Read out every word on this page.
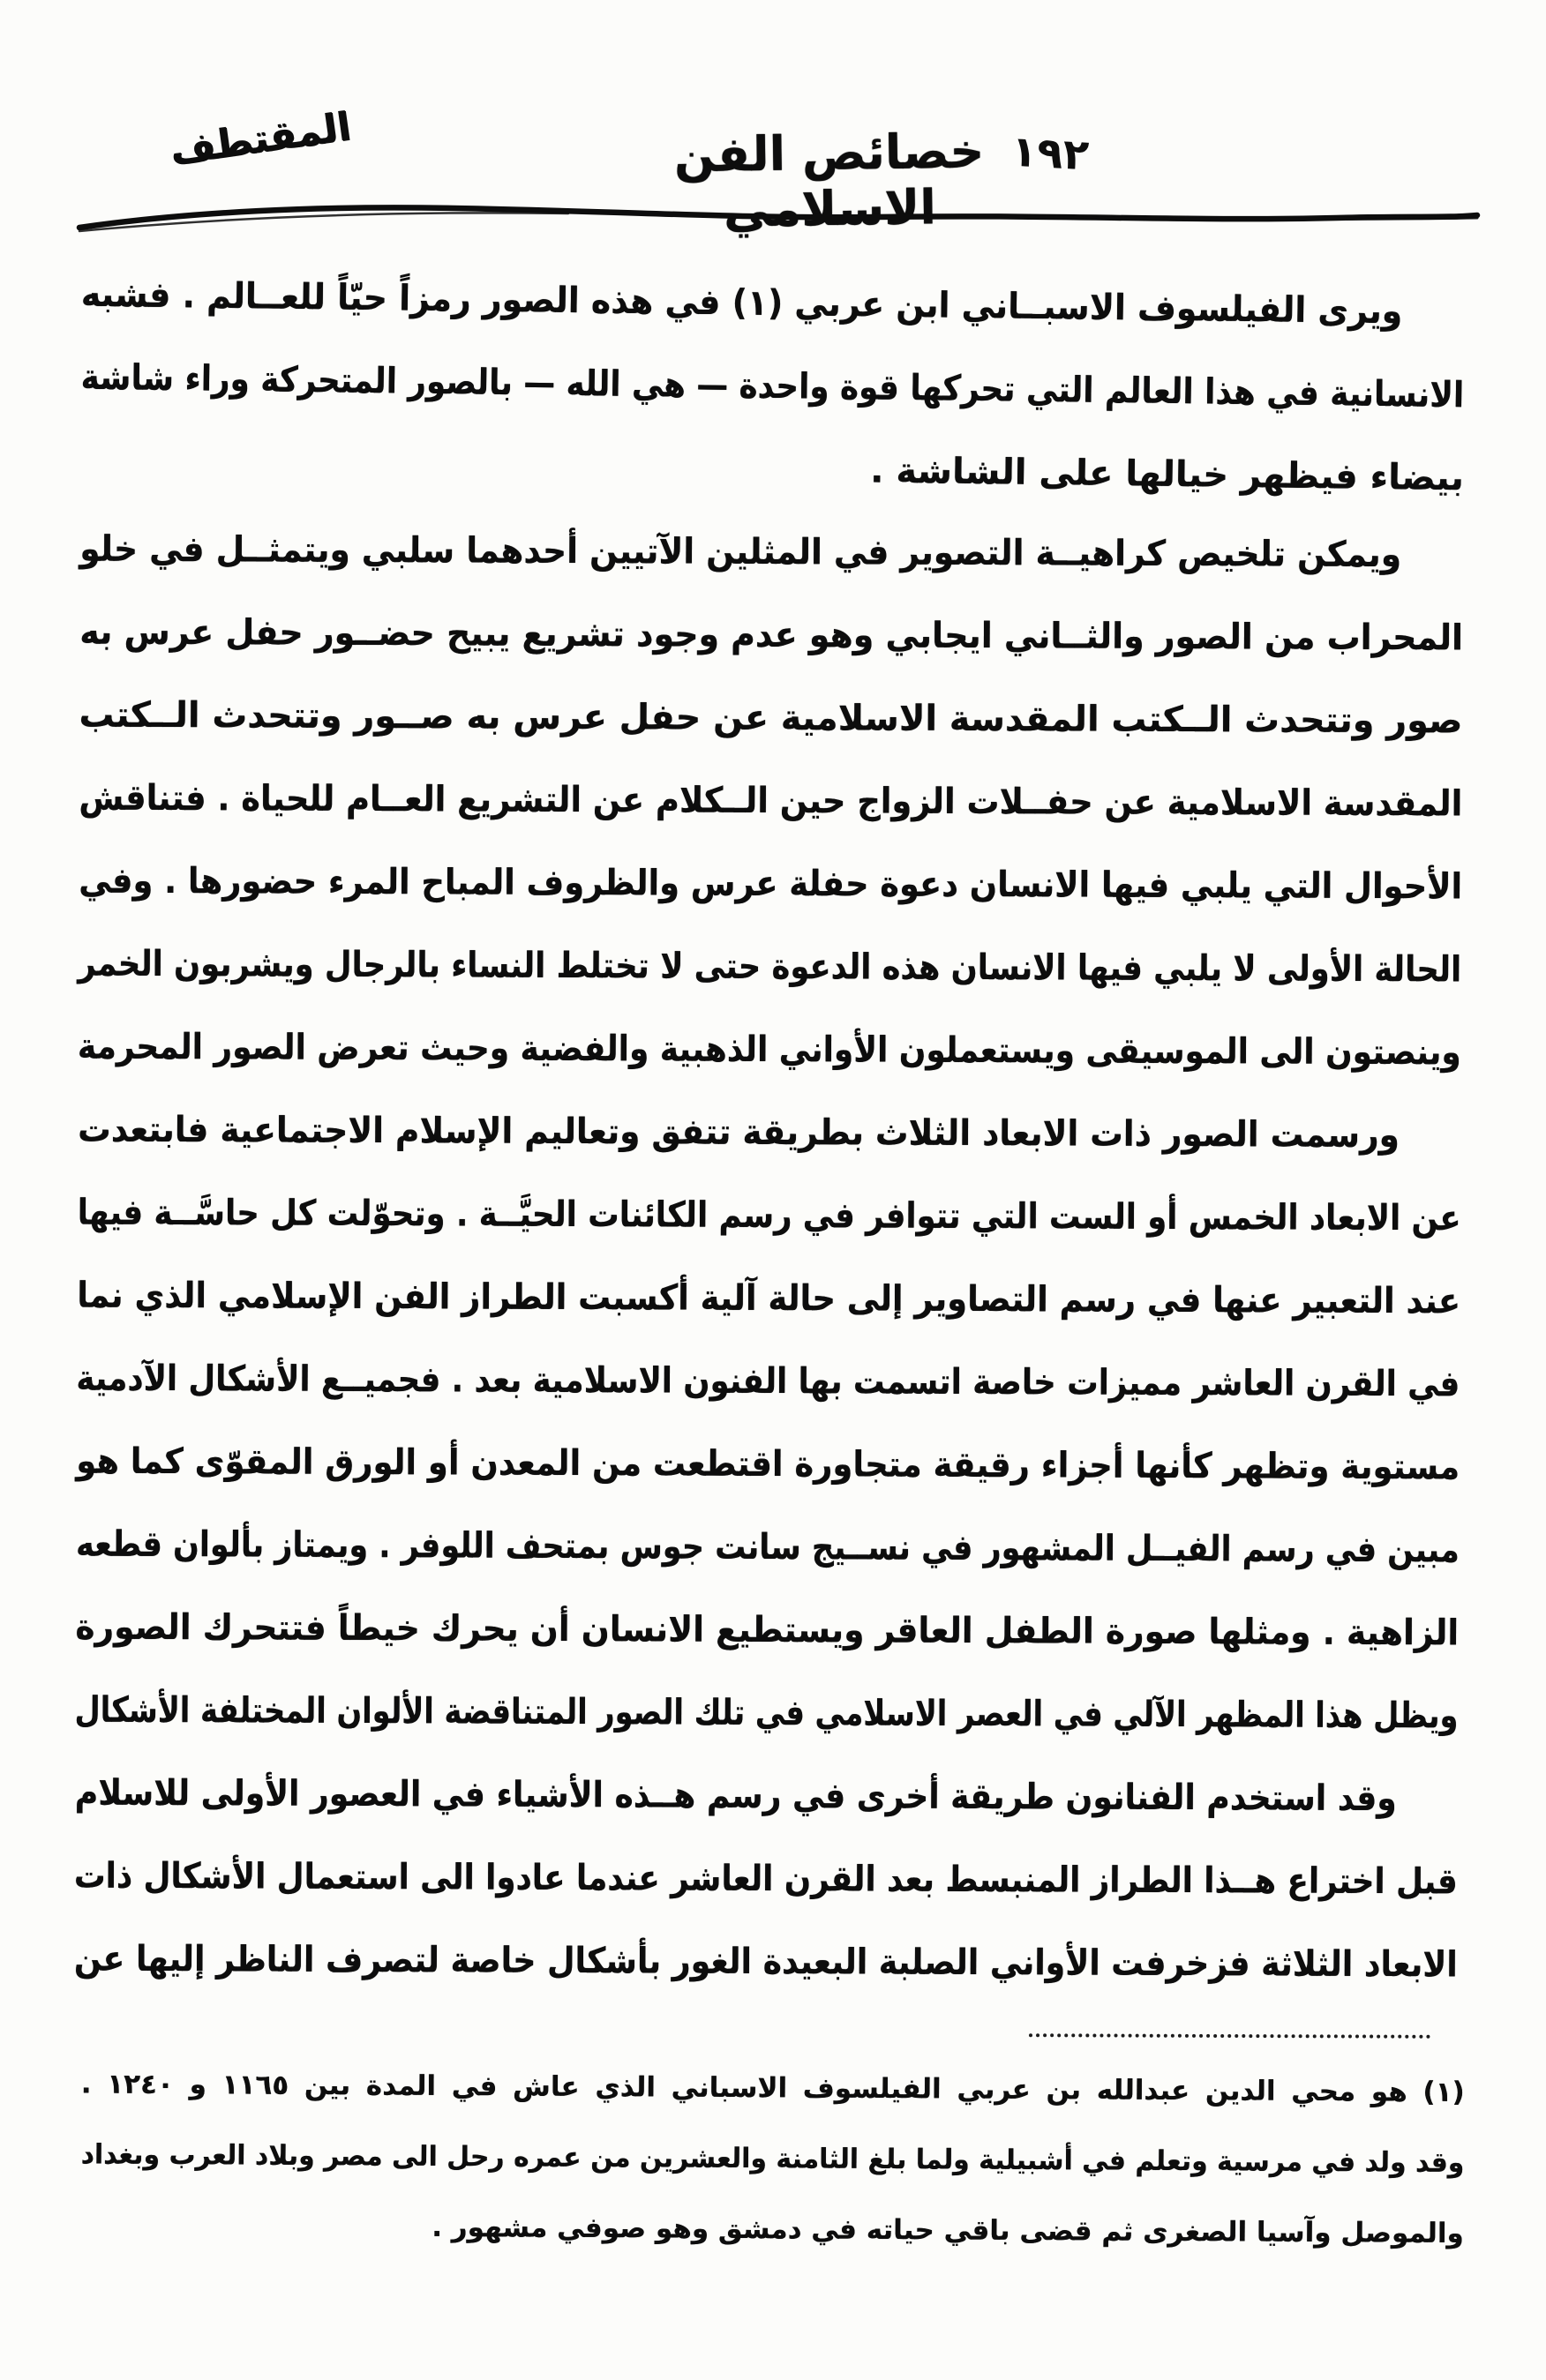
المقتطف	خصائص الفن الاسلامي
١٩٢
ويرى الفيلسوف الاسبــاني ابن عربي (١) في هذه الصور رمزاً حيّاً للعــالم . فشبه
الانسانية في هذا العالم التي تحركها قوة واحدة — هي الله — بالصور المتحركة وراء شاشة
بيضاء فيظهر خيالها على الشاشة .
ويمكن تلخيص كراهيــة التصوير في المثلين الآتيين أحدهما سلبي ويتمثــل في خلو
المحراب من الصور والثــاني ايجابي وهو عدم وجود تشريع يبيح حضــور حفل عرس به
صور وتتحدث الــكتب المقدسة الاسلامية عن حفل عرس به صــور وتتحدث الــكتب
المقدسة الاسلامية عن حفــلات الزواج حين الــكلام عن التشريع العــام للحياة . فتناقش
الأحوال التي يلبي فيها الانسان دعوة حفلة عرس والظروف المباح المرء حضورها . وفي
الحالة الأولى لا يلبي فيها الانسان هذه الدعوة حتى لا تختلط النساء بالرجال ويشربون الخمر
وينصتون الى الموسيقى ويستعملون الأواني الذهبية والفضية وحيث تعرض الصور المحرمة
ورسمت الصور ذات الابعاد الثلاث بطريقة تتفق وتعاليم الإسلام الاجتماعية فابتعدت
عن الابعاد الخمس أو الست التي تتوافر في رسم الكائنات الحيَّــة . وتحوّلت كل حاسَّــة فيها
عند التعبير عنها في رسم التصاوير إلى حالة آلية أكسبت الطراز الفن الإسلامي الذي نما
في القرن العاشر مميزات خاصة اتسمت بها الفنون الاسلامية بعد . فجميــع الأشكال الآدمية
مستوية وتظهر كأنها أجزاء رقيقة متجاورة اقتطعت من المعدن أو الورق المقوّى كما هو
مبين في رسم الفيــل المشهور في نســيج سانت جوس بمتحف اللوفر . ويمتاز بألوان قطعه
الزاهية . ومثلها صورة الطفل العاقر ويستطيع الانسان أن يحرك خيطاً فتتحرك الصورة
ويظل هذا المظهر الآلي في العصر الاسلامي في تلك الصور المتناقضة الألوان المختلفة الأشكال
وقد استخدم الفنانون طريقة أخرى في رسم هــذه الأشياء في العصور الأولى للاسلام
قبل اختراع هــذا الطراز المنبسط بعد القرن العاشر عندما عادوا الى استعمال الأشكال ذات
الابعاد الثلاثة فزخرفت الأواني الصلبة البعيدة الغور بأشكال خاصة لتصرف الناظر إليها عن
(١) هو محي الدين عبدالله بن عربي الفيلسوف الاسباني الذي عاش في المدة بين ١١٦٥ و ١٢٤٠ .
وقد ولد في مرسية وتعلم في أشبيلية ولما بلغ الثامنة والعشرين من عمره رحل الى مصر وبلاد العرب وبغداد
والموصل وآسيا الصغرى ثم قضى باقي حياته في دمشق وهو صوفي مشهور .
